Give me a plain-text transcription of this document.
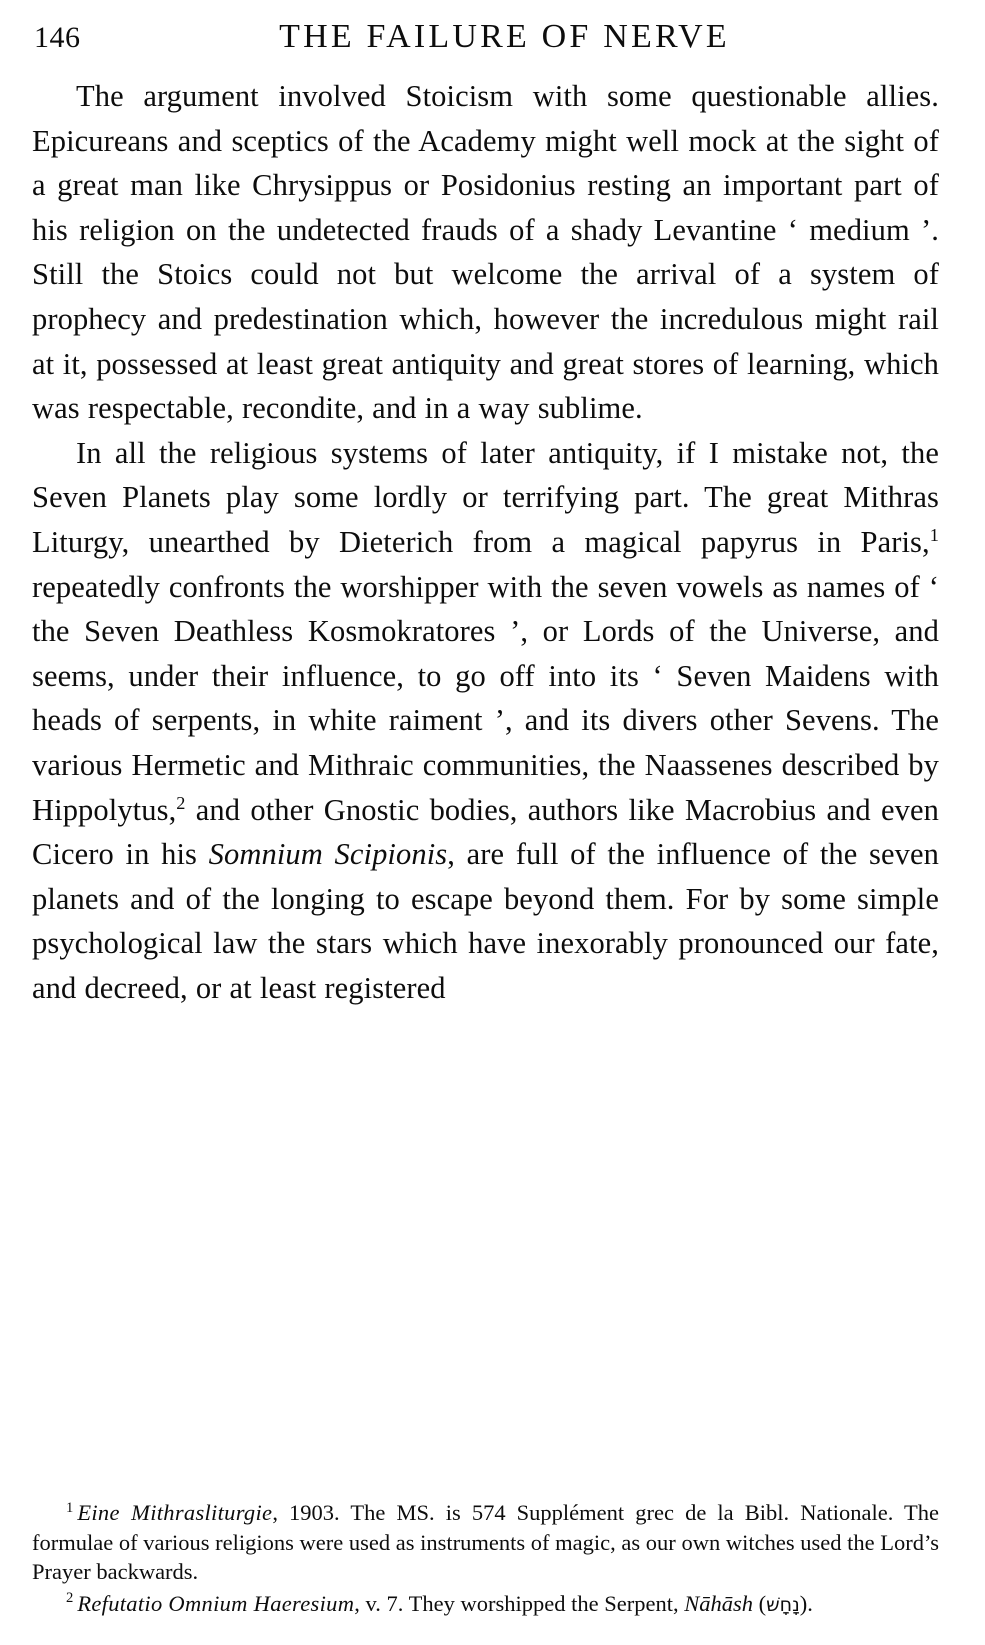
146	THE FAILURE OF NERVE

The argument involved Stoicism with some questionable allies. Epicureans and sceptics of the Academy might well mock at the sight of a great man like Chrysippus or Posidonius resting an important part of his religion on the undetected frauds of a shady Levantine ‘ medium ’. Still the Stoics could not but welcome the arrival of a system of prophecy and predestination which, however the incredulous might rail at it, possessed at least great antiquity and great stores of learning, which was respectable, recondite, and in a way sublime.

In all the religious systems of later antiquity, if I mistake not, the Seven Planets play some lordly or terrifying part. The great Mithras Liturgy, unearthed by Dieterich from a magical papyrus in Paris,$^1$ repeatedly confronts the worshipper with the seven vowels as names of ‘ the Seven Deathless Kosmokratores ’, or Lords of the Universe, and seems, under their influence, to go off into its ‘ Seven Maidens with heads of serpents, in white raiment ’, and its divers other Sevens. The various Hermetic and Mithraic communities, the Naassenes described by Hippolytus,$^2$ and other Gnostic bodies, authors like Macrobius and even Cicero in his Somnium Scipionis, are full of the influence of the seven planets and of the longing to escape beyond them. For by some simple psychological law the stars which have inexorably pronounced our fate, and decreed, or at least registered

$^1$ Eine Mithrasliturgie, 1903. The MS. is 574 Supplément grec de la Bibl. Nationale. The formulae of various religions were used as instruments of magic, as our own witches used the Lord’s Prayer backwards.

$^2$ Refutatio Omnium Haeresium, v. 7. They worshipped the Serpent, Nāhāsh (נָחָשׁ).
